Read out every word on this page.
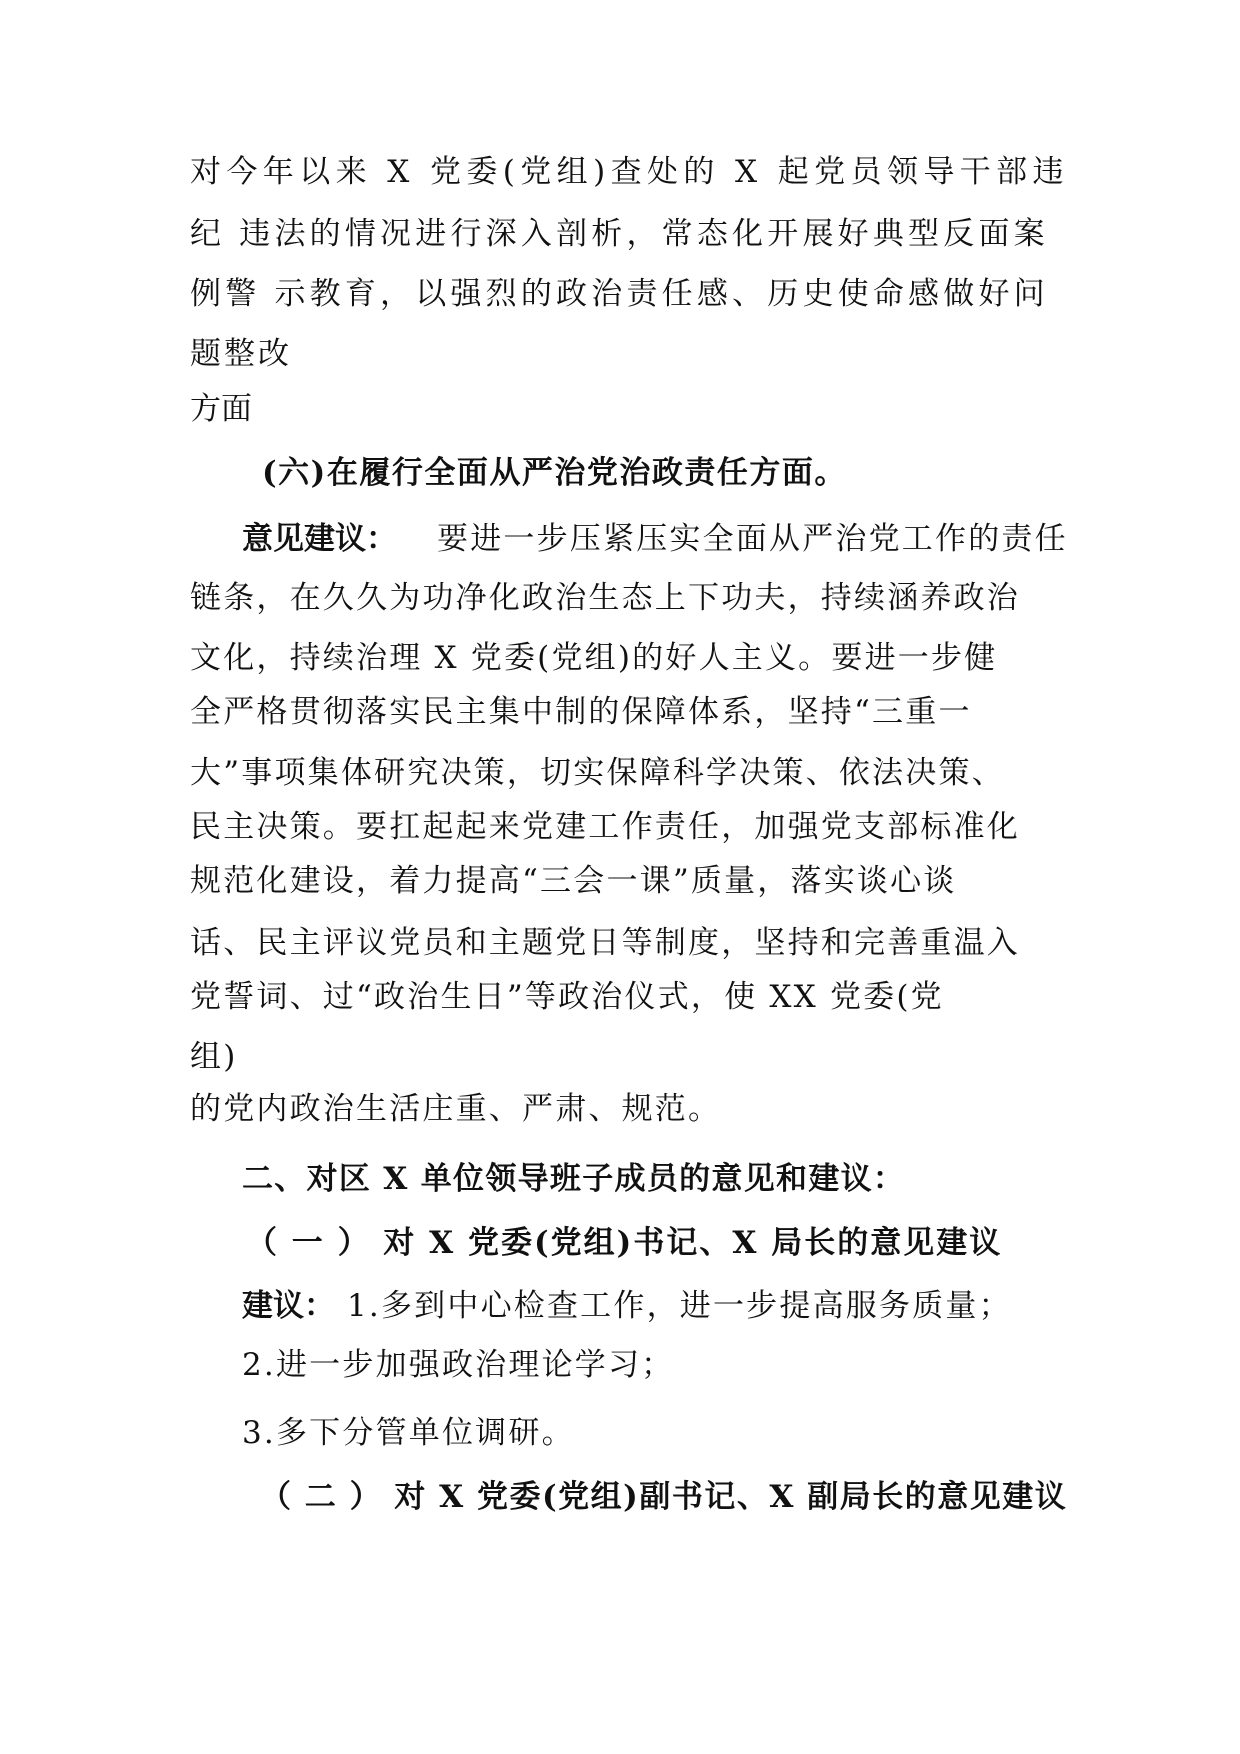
对今年以来 X 党委(党组)查处的 X 起党员领导干部违
纪 违法的情况进行深入剖析，常态化开展好典型反面案
例警 示教育，以强烈的政治责任感、历史使命感做好问
题整改
方面
(六)在履行全面从严治党治政责任方面。
意见建议： 要进一步压紧压实全面从严治党工作的责任
链条，在久久为功净化政治生态上下功夫，持续涵养政治
文化，持续治理 X 党委(党组)的好人主义。要进一步健
全严格贯彻落实民主集中制的保障体系，坚持“三重一
大”事项集体研究决策，切实保障科学决策、依法决策、
民主决策。要扛起起来党建工作责任，加强党支部标准化
规范化建设，着力提高“三会一课”质量，落实谈心谈
话、民主评议党员和主题党日等制度，坚持和完善重温入
党誓词、过“政治生日”等政治仪式，使 XX 党委(党
组)
的党内政治生活庄重、严肃、规范。
二、对区 X 单位领导班子成员的意见和建议：
（ 一 ） 对 X 党委(党组)书记、X 局长的意见建议
建议： 1.多到中心检查工作，进一步提高服务质量；
2.进一步加强政治理论学习；
3.多下分管单位调研。
（ 二 ） 对 X 党委(党组)副书记、X 副局长的意见建议
